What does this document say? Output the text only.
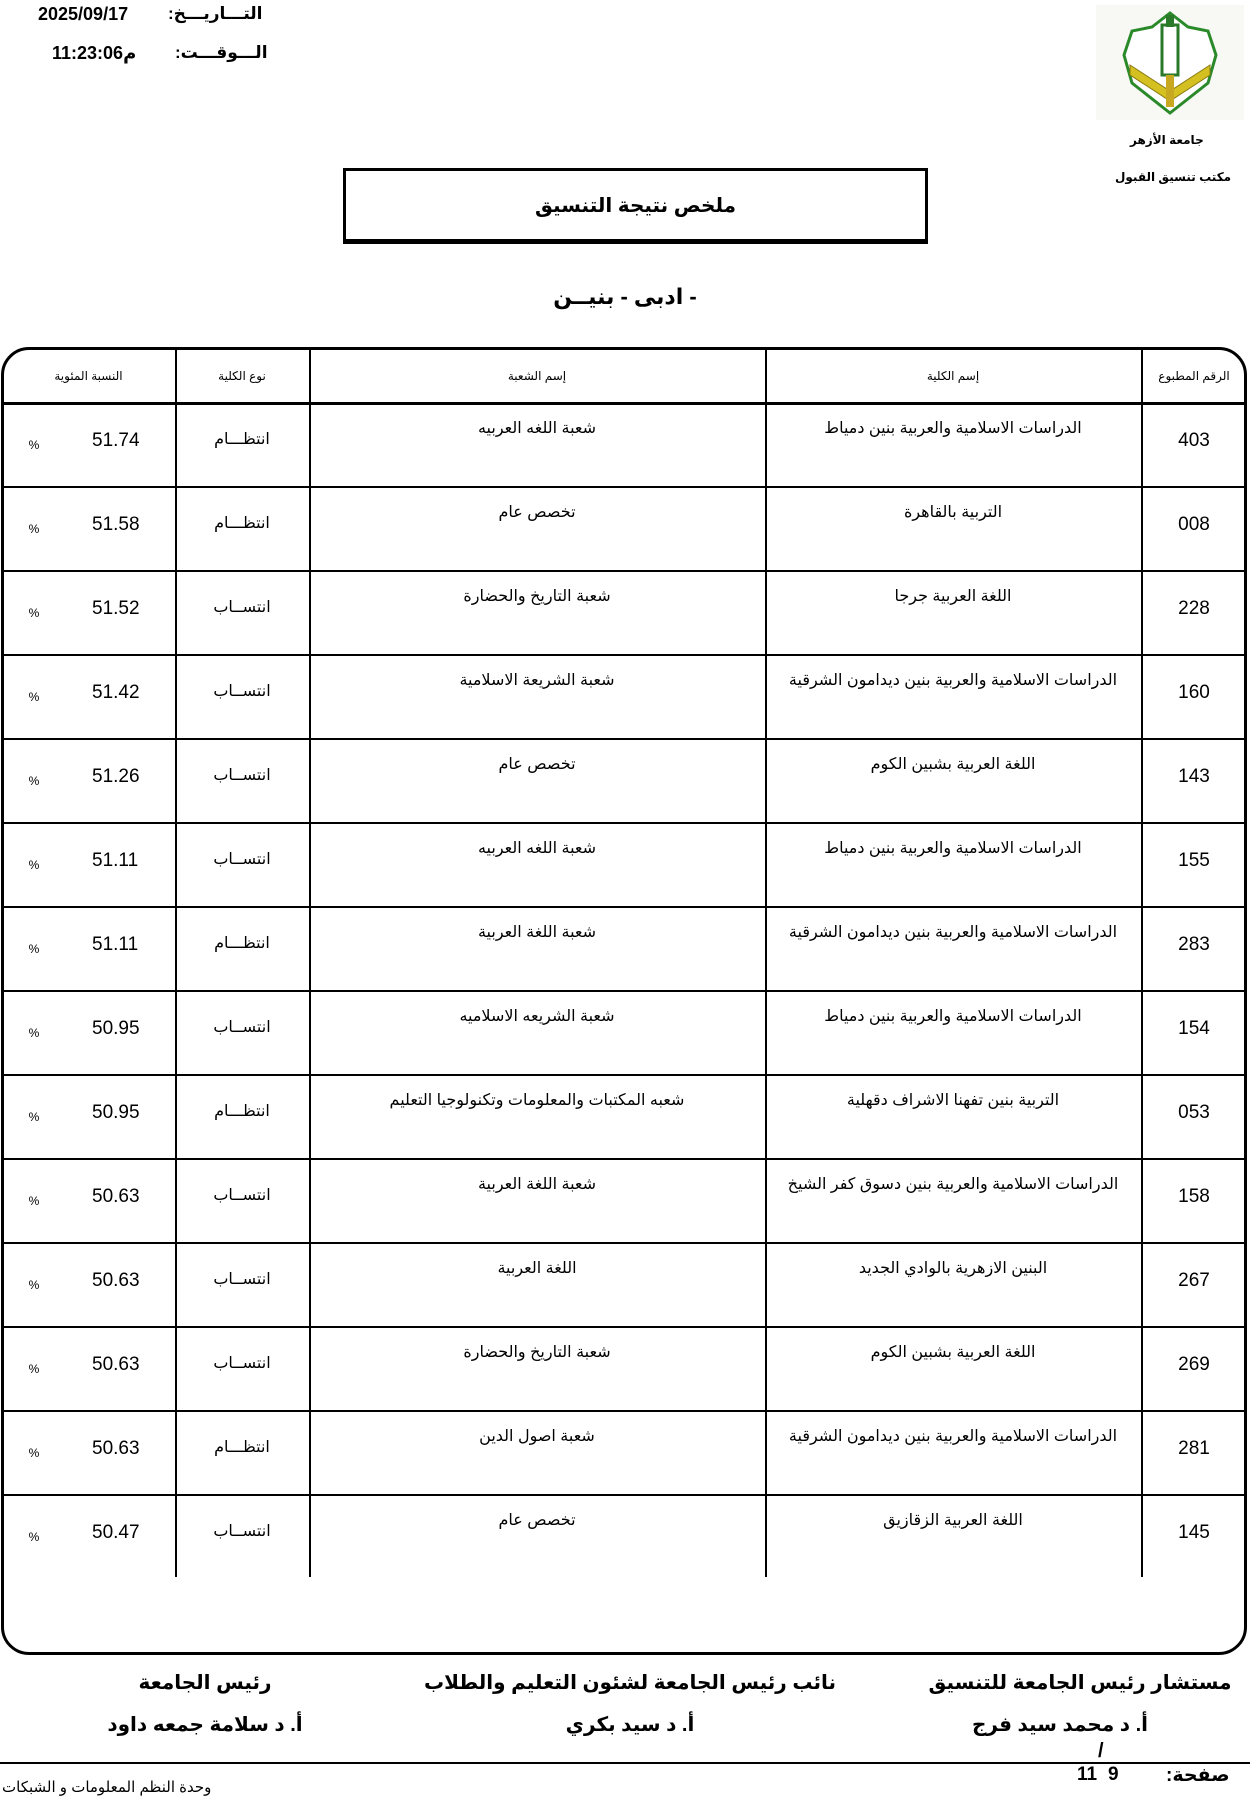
التـــاريـــخ:
2025/09/17
الـــوقـــت:
م11:23:06
جامعة الأزهر
مكتب تنسيق القبول
ملخص نتيجة التنسيق
- ادبى - بنيــن
الرقم المطبوع
إسم الكلية
إسم الشعبة
نوع الكلية
النسبة المئوية
403
الدراسات الاسلامية والعربية بنين دمياط
شعبة اللغه العربيه
انتظـــام
51.74
%
008
التربية بالقاهرة
تخصص عام
انتظـــام
51.58
%
228
اللغة العربية جرجا
شعبة التاريخ والحضارة
انتســاب
51.52
%
160
الدراسات الاسلامية والعربية بنين ديدامون الشرقية
شعبة الشريعة الاسلامية
انتســاب
51.42
%
143
اللغة العربية بشبين الكوم
تخصص عام
انتســاب
51.26
%
155
الدراسات الاسلامية والعربية بنين دمياط
شعبة اللغه العربيه
انتســاب
51.11
%
283
الدراسات الاسلامية والعربية بنين ديدامون الشرقية
شعبة اللغة العربية
انتظـــام
51.11
%
154
الدراسات الاسلامية والعربية بنين دمياط
شعبة الشريعه الاسلاميه
انتســاب
50.95
%
053
التربية بنين تفهنا الاشراف دقهلية
شعبه المكتبات والمعلومات وتكنولوجيا التعليم
انتظـــام
50.95
%
158
الدراسات الاسلامية والعربية بنين دسوق كفر الشيخ
شعبة اللغة العربية
انتســاب
50.63
%
267
البنين الازهرية بالوادي الجديد
اللغة العربية
انتســاب
50.63
%
269
اللغة العربية بشبين الكوم
شعبة التاريخ والحضارة
انتســاب
50.63
%
281
الدراسات الاسلامية والعربية بنين ديدامون الشرقية
شعبة اصول الدين
انتظـــام
50.63
%
145
اللغة العربية الزقازيق
تخصص عام
انتســاب
50.47
%
مستشار رئيس الجامعة للتنسيق
أ. د محمد سيد فرج
نائب رئيس الجامعة لشئون التعليم والطلاب
أ. د سيد بكري
رئيس الجامعة
أ. د سلامة جمعه داود
/
صفحة:
9
11
وحدة النظم المعلومات و الشبكات
